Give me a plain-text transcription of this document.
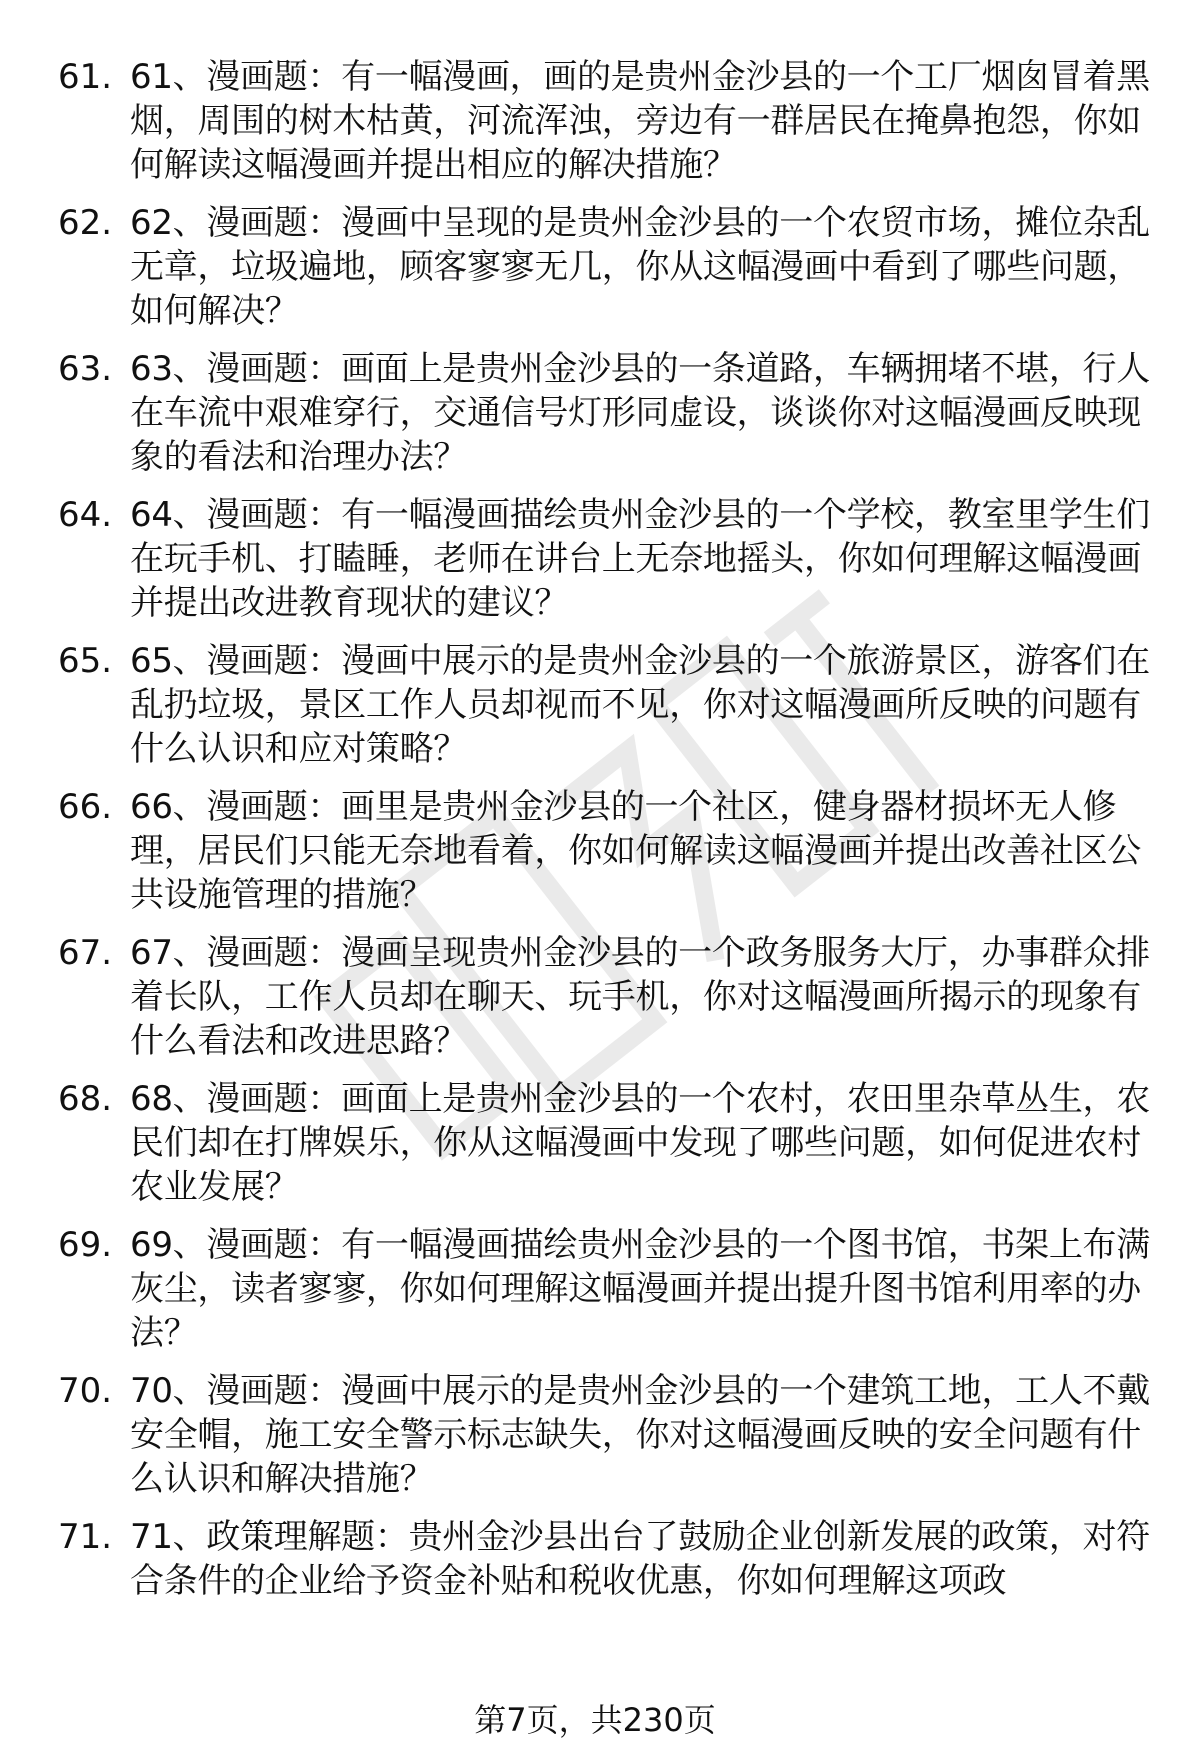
61. 61、漫画题：有一幅漫画，画的是贵州金沙县的一个工厂烟囱冒着黑烟，周围的树木枯黄，河流浑浊，旁边有一群居民在掩鼻抱怨，你如何解读这幅漫画并提出相应的解决措施？
62. 62、漫画题：漫画中呈现的是贵州金沙县的一个农贸市场，摊位杂乱无章，垃圾遍地，顾客寥寥无几，你从这幅漫画中看到了哪些问题，如何解决？
63. 63、漫画题：画面上是贵州金沙县的一条道路，车辆拥堵不堪，行人在车流中艰难穿行，交通信号灯形同虚设，谈谈你对这幅漫画反映现象的看法和治理办法？
64. 64、漫画题：有一幅漫画描绘贵州金沙县的一个学校，教室里学生们在玩手机、打瞌睡，老师在讲台上无奈地摇头，你如何理解这幅漫画并提出改进教育现状的建议？
65. 65、漫画题：漫画中展示的是贵州金沙县的一个旅游景区，游客们在乱扔垃圾，景区工作人员却视而不见，你对这幅漫画所反映的问题有什么认识和应对策略？
66. 66、漫画题：画里是贵州金沙县的一个社区，健身器材损坏无人修理，居民们只能无奈地看着，你如何解读这幅漫画并提出改善社区公共设施管理的措施？
67. 67、漫画题：漫画呈现贵州金沙县的一个政务服务大厅，办事群众排着长队，工作人员却在聊天、玩手机，你对这幅漫画所揭示的现象有什么看法和改进思路？
68. 68、漫画题：画面上是贵州金沙县的一个农村，农田里杂草丛生，农民们却在打牌娱乐，你从这幅漫画中发现了哪些问题，如何促进农村农业发展？
69. 69、漫画题：有一幅漫画描绘贵州金沙县的一个图书馆，书架上布满灰尘，读者寥寥，你如何理解这幅漫画并提出提升图书馆利用率的办法？
70. 70、漫画题：漫画中展示的是贵州金沙县的一个建筑工地，工人不戴安全帽，施工安全警示标志缺失，你对这幅漫画反映的安全问题有什么认识和解决措施？
71. 71、政策理解题：贵州金沙县出台了鼓励企业创新发展的政策，对符合条件的企业给予资金补贴和税收优惠，你如何理解这项政
第7页，共230页
